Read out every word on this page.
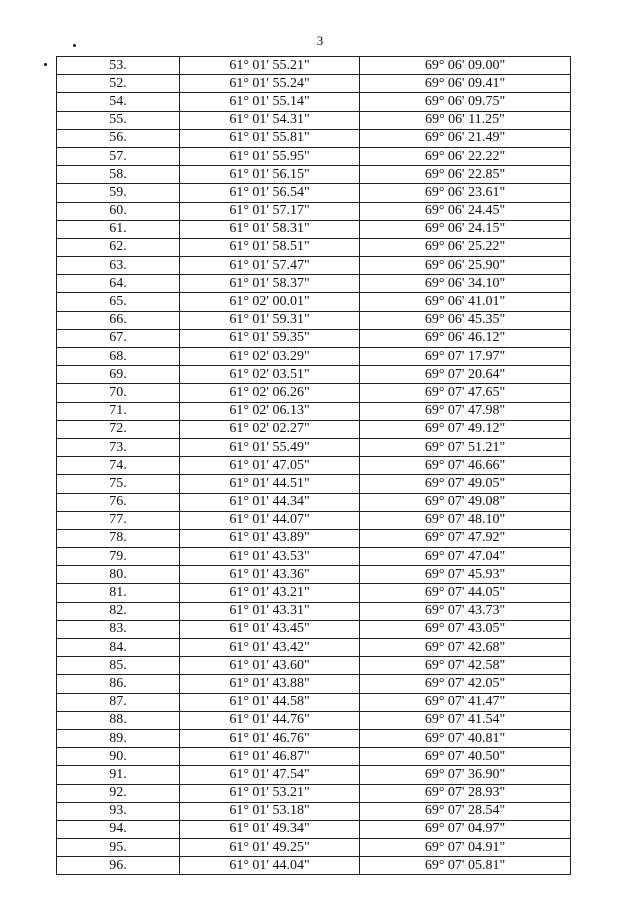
3
53.	61° 01' 55.21"	69° 06' 09.00"
52.	61° 01' 55.24"	69° 06' 09.41"
54.	61° 01' 55.14"	69° 06' 09.75"
55.	61° 01' 54.31"	69° 06' 11.25"
56.	61° 01' 55.81"	69° 06' 21.49"
57.	61° 01' 55.95"	69° 06' 22.22"
58.	61° 01' 56.15"	69° 06' 22.85"
59.	61° 01' 56.54"	69° 06' 23.61"
60.	61° 01' 57.17"	69° 06' 24.45"
61.	61° 01' 58.31"	69° 06' 24.15"
62.	61° 01' 58.51"	69° 06' 25.22"
63.	61° 01' 57.47"	69° 06' 25.90"
64.	61° 01' 58.37"	69° 06' 34.10"
65.	61° 02' 00.01"	69° 06' 41.01"
66.	61° 01' 59.31"	69° 06' 45.35"
67.	61° 01' 59.35"	69° 06' 46.12"
68.	61° 02' 03.29"	69° 07' 17.97"
69.	61° 02' 03.51"	69° 07' 20.64"
70.	61° 02' 06.26"	69° 07' 47.65"
71.	61° 02' 06.13"	69° 07' 47.98"
72.	61° 02' 02.27"	69° 07' 49.12"
73.	61° 01' 55.49"	69° 07' 51.21"
74.	61° 01' 47.05"	69° 07' 46.66"
75.	61° 01' 44.51"	69° 07' 49.05"
76.	61° 01' 44.34"	69° 07' 49.08"
77.	61° 01' 44.07"	69° 07' 48.10"
78.	61° 01' 43.89"	69° 07' 47.92"
79.	61° 01' 43.53"	69° 07' 47.04"
80.	61° 01' 43.36"	69° 07' 45.93"
81.	61° 01' 43.21"	69° 07' 44.05"
82.	61° 01' 43.31"	69° 07' 43.73"
83.	61° 01' 43.45"	69° 07' 43.05"
84.	61° 01' 43.42"	69° 07' 42.68"
85.	61° 01' 43.60"	69° 07' 42.58"
86.	61° 01' 43.88"	69° 07' 42.05"
87.	61° 01' 44.58"	69° 07' 41.47"
88.	61° 01' 44.76"	69° 07' 41.54"
89.	61° 01' 46.76"	69° 07' 40.81"
90.	61° 01' 46.87"	69° 07' 40.50"
91.	61° 01' 47.54"	69° 07' 36.90"
92.	61° 01' 53.21"	69° 07' 28.93"
93.	61° 01' 53.18"	69° 07' 28.54"
94.	61° 01' 49.34"	69° 07' 04.97"
95.	61° 01' 49.25"	69° 07' 04.91"
96.	61° 01' 44.04"	69° 07' 05.81"
